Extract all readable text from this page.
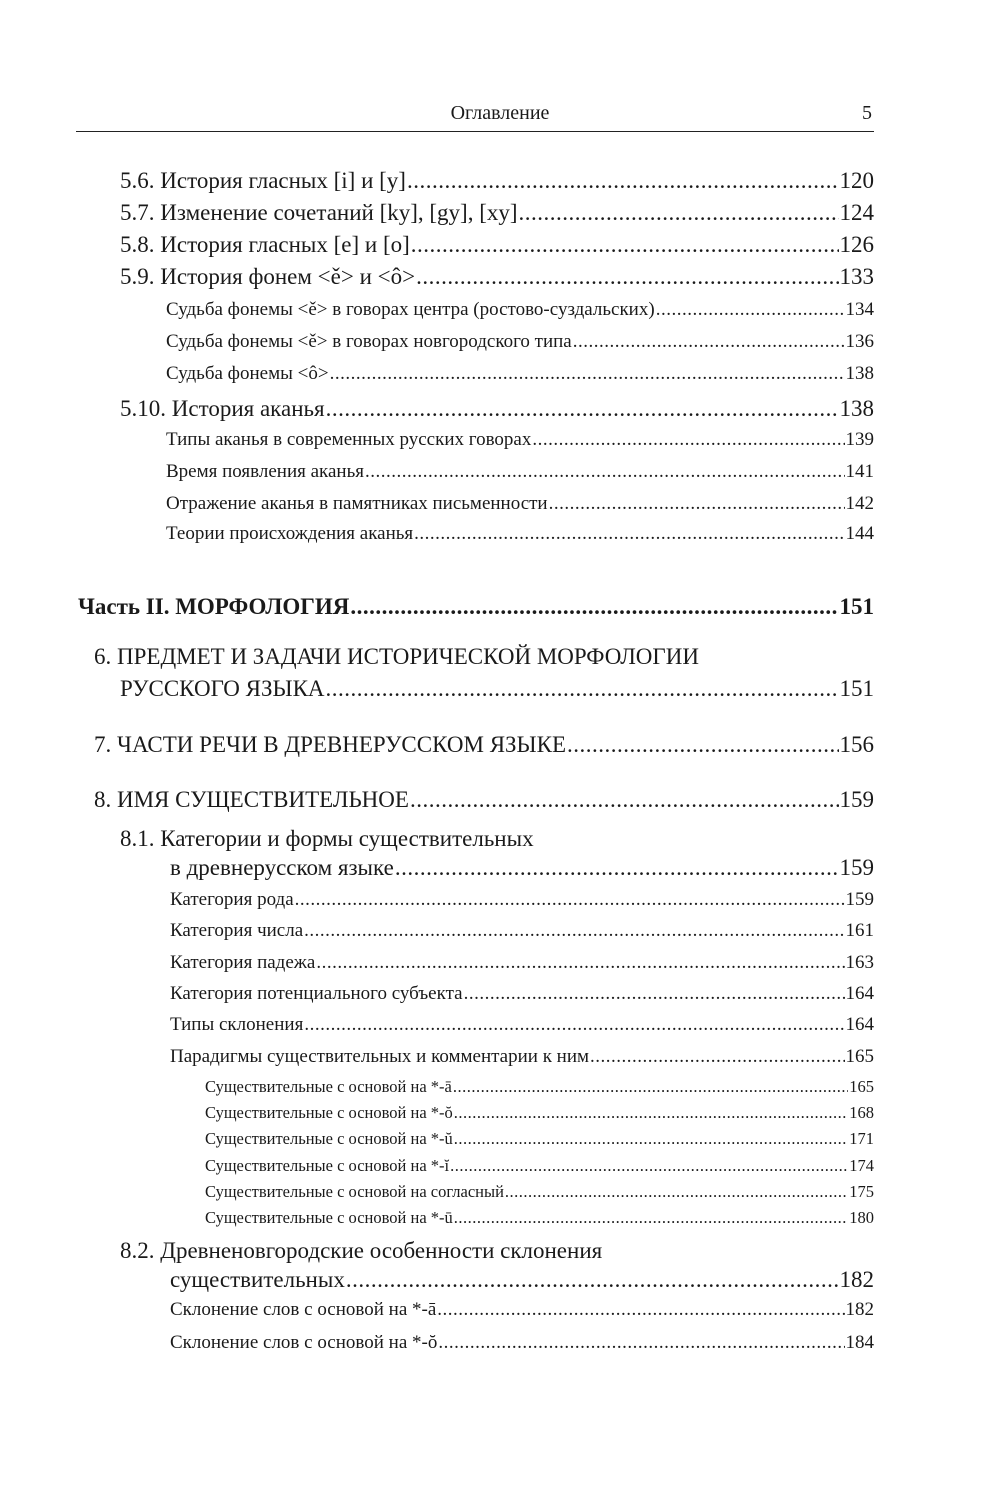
Оглавление	5
5.6. История гласных [i] и [y] .....	120
5.7. Изменение сочетаний [ky], [gy], [xy] .....	124
5.8. История гласных [e] и [o] .....	126
5.9. История фонем <ě> и <ô> .....	133
Судьба фонемы <ě> в говорах центра (ростово-суздальских) .....	134
Судьба фонемы <ě> в говорах новгородского типа .....	136
Судьба фонемы <ô> .....	138
5.10. История аканья .....	138
Типы аканья в современных русских говорах .....	139
Время появления аканья .....	141
Отражение аканья в памятниках письменности .....	142
Теории происхождения аканья .....	144
Часть II. МОРФОЛОГИЯ .....	151
6. ПРЕДМЕТ И ЗАДАЧИ ИСТОРИЧЕСКОЙ МОРФОЛОГИИ
РУССКОГО ЯЗЫКА .....	151
7. ЧАСТИ РЕЧИ В ДРЕВНЕРУССКОМ ЯЗЫКЕ .....	156
8. ИМЯ СУЩЕСТВИТЕЛЬНОЕ .....	159
8.1. Категории и формы существительных
в древнерусском языке .....	159
Категория рода .....	159
Категория числа .....	161
Категория падежа .....	163
Категория потенциального субъекта .....	164
Типы склонения .....	164
Парадигмы существительных и комментарии к ним .....	165
Существительные с основой на *-ā .....	165
Существительные с основой на *-ŏ .....	168
Существительные с основой на *-ŭ .....	171
Существительные с основой на *-ĭ .....	174
Существительные с основой на согласный .....	175
Существительные с основой на *-ū .....	180
8.2. Древненовгородские особенности склонения
существительных .....	182
Склонение слов с основой на *-ā .....	182
Склонение слов с основой на *-ŏ .....	184
